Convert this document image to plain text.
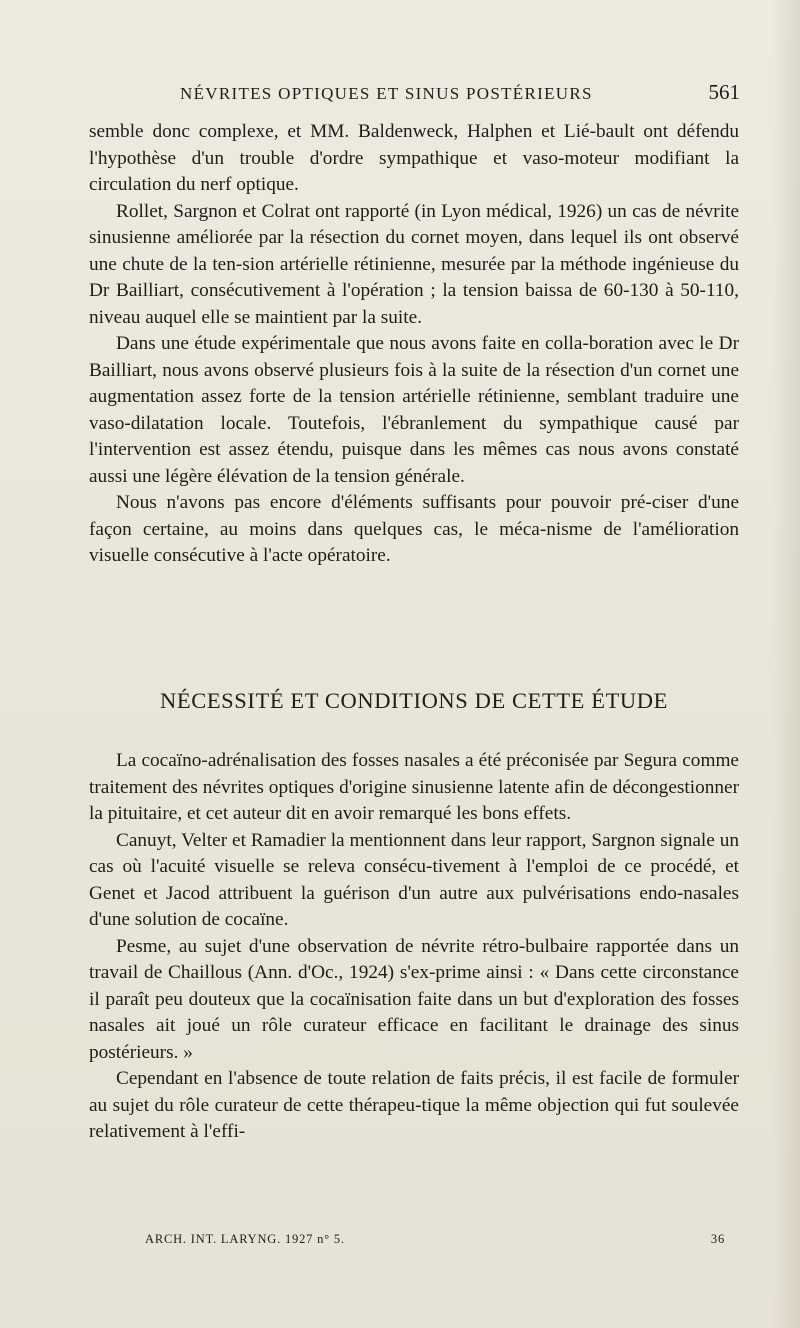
NÉVRITES OPTIQUES ET SINUS POSTÉRIEURS	561

semble donc complexe, et MM. Baldenweck, Halphen et Lié-bault ont défendu l'hypothèse d'un trouble d'ordre sympathique et vaso-moteur modifiant la circulation du nerf optique.

Rollet, Sargnon et Colrat ont rapporté (in Lyon médical, 1926) un cas de névrite sinusienne améliorée par la résection du cornet moyen, dans lequel ils ont observé une chute de la ten-sion artérielle rétinienne, mesurée par la méthode ingénieuse du Dr Bailliart, consécutivement à l'opération ; la tension baissa de 60-130 à 50-110, niveau auquel elle se maintient par la suite.

Dans une étude expérimentale que nous avons faite en colla-boration avec le Dr Bailliart, nous avons observé plusieurs fois à la suite de la résection d'un cornet une augmentation assez forte de la tension artérielle rétinienne, semblant traduire une vaso-dilatation locale. Toutefois, l'ébranlement du sympathique causé par l'intervention est assez étendu, puisque dans les mêmes cas nous avons constaté aussi une légère élévation de la tension générale.

Nous n'avons pas encore d'éléments suffisants pour pouvoir pré-ciser d'une façon certaine, au moins dans quelques cas, le méca-nisme de l'amélioration visuelle consécutive à l'acte opératoire.

NÉCESSITÉ ET CONDITIONS DE CETTE ÉTUDE

La cocaïno-adrénalisation des fosses nasales a été préconisée par Segura comme traitement des névrites optiques d'origine sinusienne latente afin de décongestionner la pituitaire, et cet auteur dit en avoir remarqué les bons effets.

Canuyt, Velter et Ramadier la mentionnent dans leur rapport, Sargnon signale un cas où l'acuité visuelle se releva consécu-tivement à l'emploi de ce procédé, et Genet et Jacod attribuent la guérison d'un autre aux pulvérisations endo-nasales d'une solution de cocaïne.

Pesme, au sujet d'une observation de névrite rétro-bulbaire rapportée dans un travail de Chaillous (Ann. d'Oc., 1924) s'ex-prime ainsi : « Dans cette circonstance il paraît peu douteux que la cocaïnisation faite dans un but d'exploration des fosses nasales ait joué un rôle curateur efficace en facilitant le drainage des sinus postérieurs. »

Cependant en l'absence de toute relation de faits précis, il est facile de formuler au sujet du rôle curateur de cette thérapeu-tique la même objection qui fut soulevée relativement à l'effi-

ARCH. INT. LARYNG. 1927 n° 5.	36
